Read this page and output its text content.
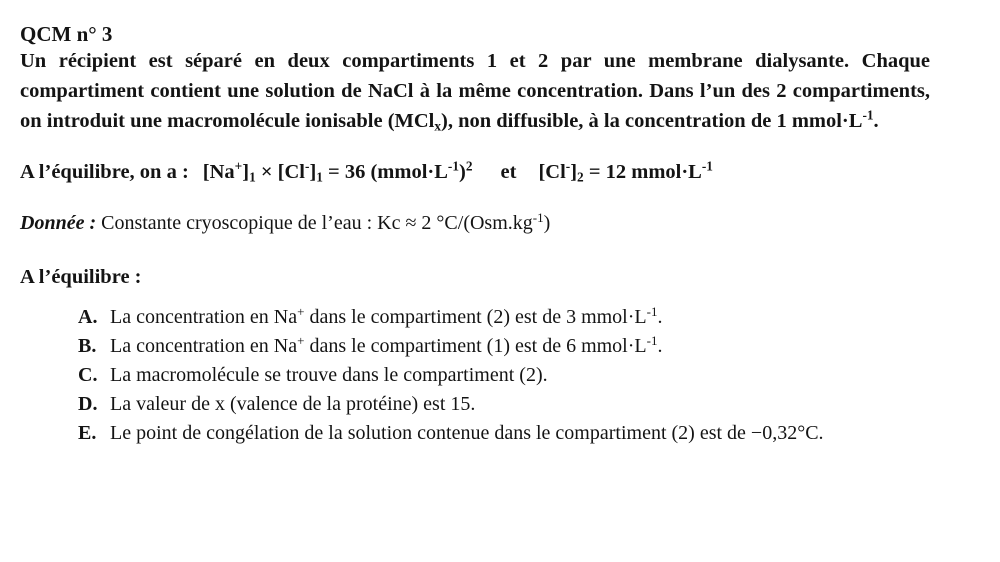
QCM n° 3

Un récipient est séparé en deux compartiments 1 et 2 par une membrane dialysante. Chaque compartiment contient une solution de NaCl à la même concentration. Dans l’un des 2 compartiments, on introduit une macromolécule ionisable (MCl$_x$), non diffusible, à la concentration de 1 $mmol\cdot L^{-1}$.

A l’équilibre, on a : $[Na^+]_1 \times [Cl^-]_1 = 36$ $(mmol\cdot L^{-1})^2$ et $[Cl^-]_2 = 12$ $mmol\cdot L^{-1}$

Donnée : Constante cryoscopique de l’eau : Kc ≈ 2 $^\circ C/(Osm.kg^{-1})$

A l’équilibre :

A. La concentration en Na+ dans le compartiment (2) est de 3 $mmol\cdot L^{-1}$.
B. La concentration en Na+ dans le compartiment (1) est de 6 $mmol\cdot L^{-1}$.
C. La macromolécule se trouve dans le compartiment (2).
D. La valeur de x (valence de la protéine) est 15.
E. Le point de congélation de la solution contenue dans le compartiment (2) est de −0,32°C.
